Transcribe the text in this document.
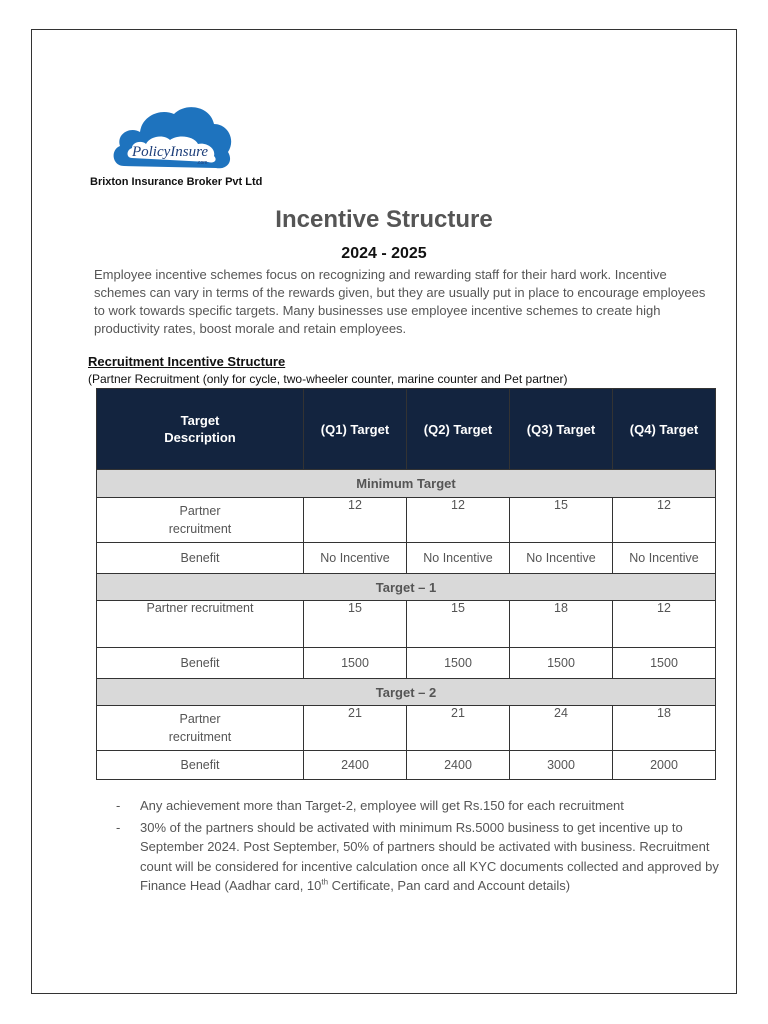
PolicyInsure
.com
Brixton Insurance Broker Pvt Ltd
Incentive Structure
2024 - 2025
Employee incentive schemes focus on recognizing and rewarding staff for their hard work. Incentive schemes can vary in terms of the rewards given, but they are usually put in place to encourage employees to work towards specific targets. Many businesses use employee incentive schemes to create high productivity rates, boost morale and retain employees.
Recruitment Incentive Structure
(Partner Recruitment (only for cycle, two-wheeler counter, marine counter and Pet partner)
Target
Description	(Q1) Target	(Q2) Target	(Q3) Target	(Q4) Target
Minimum Target				
Partner
recruitment	12	12	15	12
Benefit	No Incentive	No Incentive	No Incentive	No Incentive
Target – 1				
Partner recruitment	15	15	18	12
Benefit	1500	1500	1500	1500
Target – 2				
Partner
recruitment	21	21	24	18
Benefit	2400	2400	3000	2000
- Any achievement more than Target-2, employee will get Rs.150 for each recruitment
- 30% of the partners should be activated with minimum Rs.5000 business to get incentive up to September 2024. Post September, 50% of partners should be activated with business. Recruitment count will be considered for incentive calculation once all KYC documents collected and approved by Finance Head (Aadhar card, 10th Certificate, Pan card and Account details)
